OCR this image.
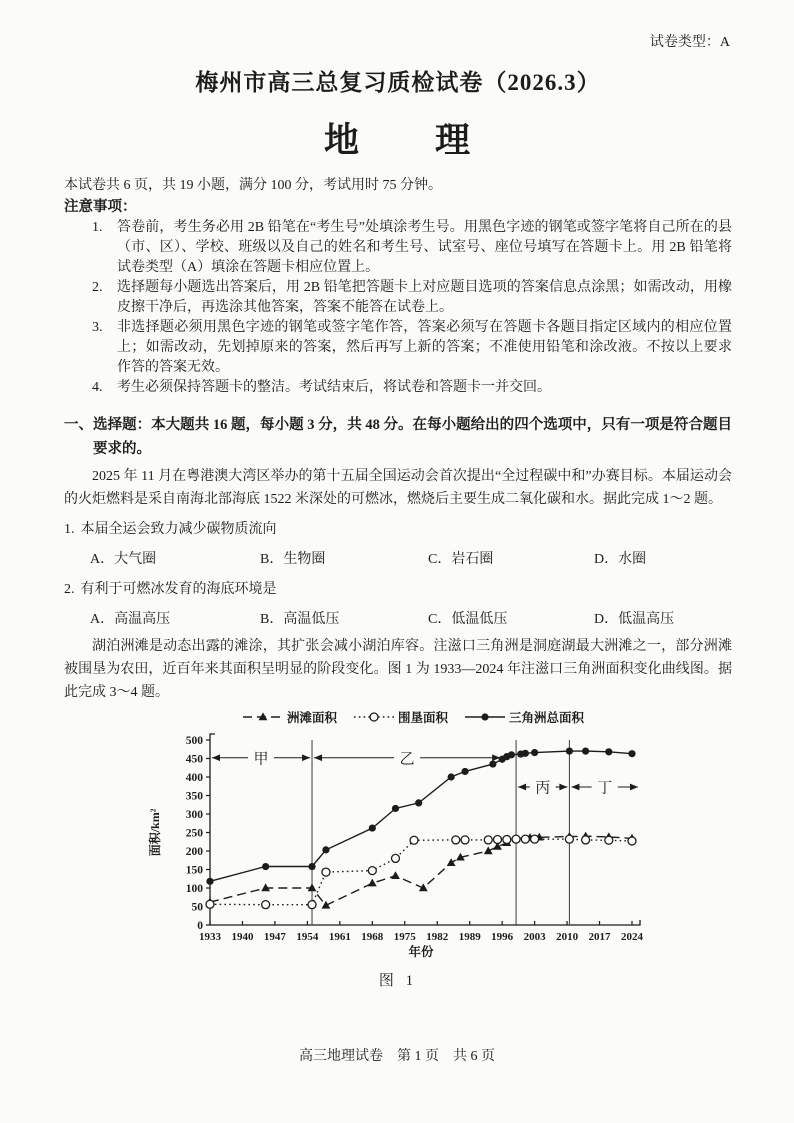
试卷类型：A
梅州市高三总复习质检试卷（2026.3）
地　　理

本试卷共 6 页，共 19 小题，满分 100 分，考试用时 75 分钟。

注意事项：
1.	答卷前，考生务必用 2B 铅笔在“考生号”处填涂考生号。用黑色字迹的钢笔或签字笔将自己所在的县（市、区）、学校、班级以及自己的姓名和考生号、试室号、座位号填写在答题卡上。用 2B 铅笔将试卷类型（A）填涂在答题卡相应位置上。
2.	选择题每小题选出答案后，用 2B 铅笔把答题卡上对应题目选项的答案信息点涂黑；如需改动，用橡皮擦干净后，再选涂其他答案，答案不能答在试卷上。
3.	非选择题必须用黑色字迹的钢笔或签字笔作答，答案必须写在答题卡各题目指定区域内的相应位置上；如需改动，先划掉原来的答案，然后再写上新的答案；不准使用铅笔和涂改液。不按以上要求作答的答案无效。
4.	考生必须保持答题卡的整洁。考试结束后，将试卷和答题卡一并交回。
一、选择题：本大题共 16 题，每小题 3 分，共 48 分。在每小题给出的四个选项中，只有一项是符合题目要求的。

2025 年 11 月在粤港澳大湾区举办的第十五届全国运动会首次提出“全过程碳中和”办赛目标。本届运动会的火炬燃料是采自南海北部海底 1522 米深处的可燃冰，燃烧后主要生成二氧化碳和水。据此完成 1～2 题。

1. 本届全运会致力减少碳物质流向
A．大气圈	B．生物圈	C．岩石圈	D．水圈
2. 有利于可燃冰发育的海底环境是
A．高温高压	B．高温低压	C．低温低压	D．低温高压

湖泊洲滩是动态出露的滩涂，其扩张会减小湖泊库容。注滋口三角洲是洞庭湖最大洲滩之一，部分洲滩被围垦为农田，近百年来其面积呈明显的阶段变化。图 1 为 1933—2024 年注滋口三角洲面积变化曲线图。据此完成 3～4 题。

洲滩面积	围垦面积	三角洲总面积
0
50
100
150
200
250
300
350
400
450
500
1933 1940 1947 1954 1961 1968 1975 1982 1989 1996 2003 2010 2017 2024
年份
面积/km²
甲	乙
丙	丁
图 1
高三地理试卷　第 1 页　共 6 页
